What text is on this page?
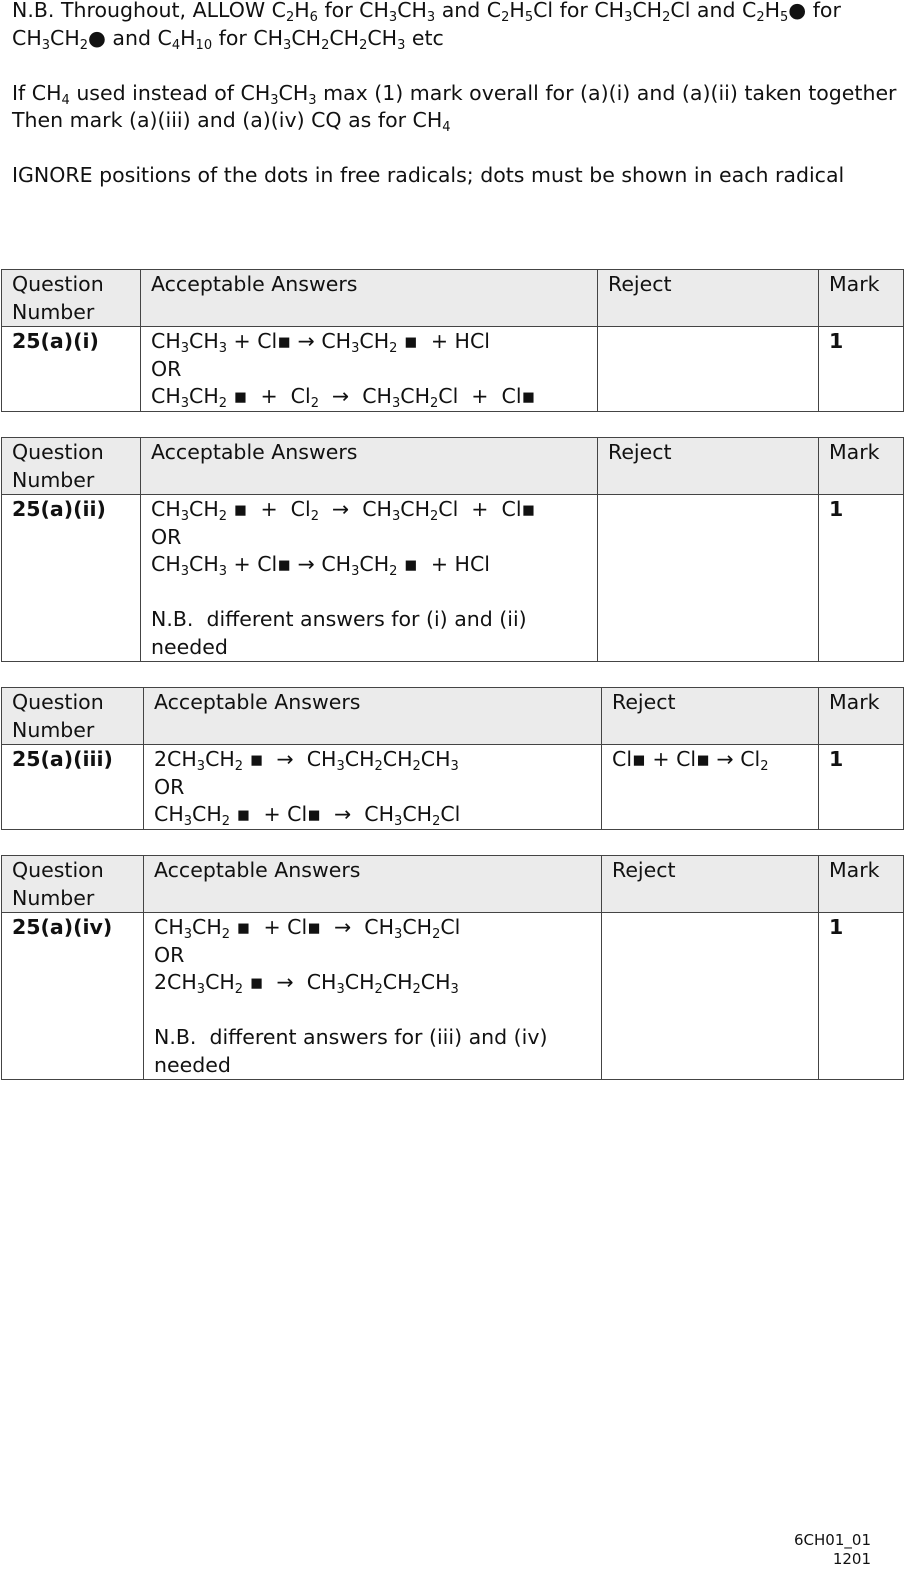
N.B. Throughout, ALLOW $C_2H_6$ for $CH_3CH_3$ and $C_2H_5Cl$ for $CH_3CH_2Cl$ and $C_2H_5●$ for $CH_3CH_2●$ and $C_4H_{10}$ for $CH_3CH_2CH_2CH_3$ etc

If $CH_4$ used instead of $CH_3CH_3$ max (1) mark overall for (a)(i) and (a)(ii) taken together
Then mark (a)(iii) and (a)(iv) CQ as for $CH_4$

IGNORE positions of the dots in free radicals; dots must be shown in each radical

Question Number	Acceptable Answers	Reject	Mark
25(a)(i)	$CH_3CH_3$ + Cl▪ → $CH_3CH_2$ ▪  + HCl
OR
$CH_3CH_2$ ▪  +  $Cl_2 \to CH_3CH_2Cl$  +  Cl▪		1
Question Number	Acceptable Answers	Reject	Mark
25(a)(ii)	$CH_3CH_2$ ▪  +  $Cl_2 \to CH_3CH_2Cl$  +  Cl▪
OR
$CH_3CH_3$ + Cl▪ → $CH_3CH_2$ ▪  + HCl
N.B.  different answers for (i) and (ii) needed		1
Question Number	Acceptable Answers	Reject	Mark
25(a)(iii)	$2CH_3CH_2$ ▪  →  $CH_3CH_2CH_2CH_3$
OR
$CH_3CH_2$ ▪  + Cl▪  →  $CH_3CH_2Cl$	Cl▪ + Cl▪ → $Cl_2$	1
Question Number	Acceptable Answers	Reject	Mark
25(a)(iv)	$CH_3CH_2$ ▪  + Cl▪  →  $CH_3CH_2Cl$
OR
$2CH_3CH_2$ ▪  →  $CH_3CH_2CH_2CH_3$
N.B.  different answers for (iii) and (iv) needed		1
6CH01_01
1201
